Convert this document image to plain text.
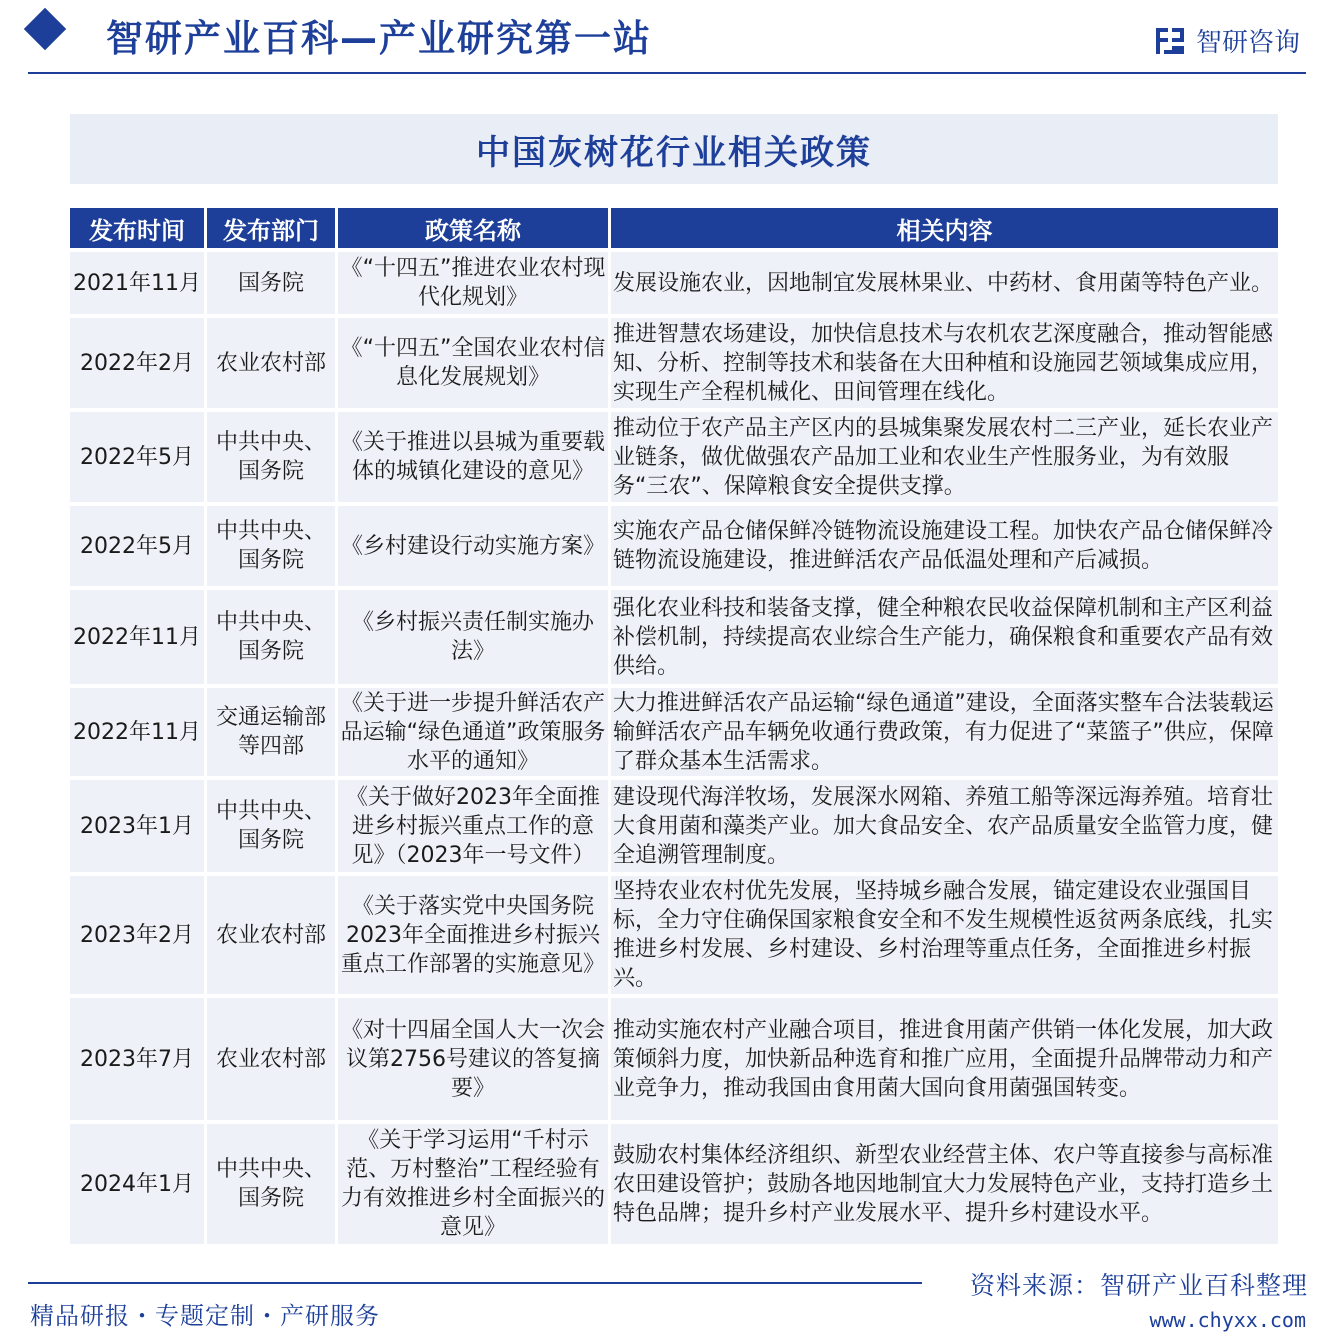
智研产业百科—产业研究第一站	智研咨询
中国灰树花行业相关政策
发布时间	发布部门	政策名称	相关内容
2021年11月	国务院	《“十四五”推进农业农村现代化规划》	发展设施农业，因地制宜发展林果业、中药材、食用菌等特色产业。
2022年2月	农业农村部	《“十四五”全国农业农村信息化发展规划》	推进智慧农场建设，加快信息技术与农机农艺深度融合，推动智能感知、分析、控制等技术和装备在大田种植和设施园艺领域集成应用，实现生产全程机械化、田间管理在线化。
2022年5月	中共中央、国务院	《关于推进以县城为重要载体的城镇化建设的意见》	推动位于农产品主产区内的县城集聚发展农村二三产业，延长农业产业链条，做优做强农产品加工业和农业生产性服务业，为有效服务“三农”、保障粮食安全提供支撑。
2022年5月	中共中央、国务院	《乡村建设行动实施方案》	实施农产品仓储保鲜冷链物流设施建设工程。加快农产品仓储保鲜冷链物流设施建设，推进鲜活农产品低温处理和产后减损。
2022年11月	中共中央、国务院	《乡村振兴责任制实施办法》	强化农业科技和装备支撑，健全种粮农民收益保障机制和主产区利益补偿机制，持续提高农业综合生产能力，确保粮食和重要农产品有效供给。
2022年11月	交通运输部等四部	《关于进一步提升鲜活农产品运输“绿色通道”政策服务水平的通知》	大力推进鲜活农产品运输“绿色通道”建设，全面落实整车合法装载运输鲜活农产品车辆免收通行费政策，有力促进了“菜篮子”供应，保障了群众基本生活需求。
2023年1月	中共中央、国务院	《关于做好2023年全面推进乡村振兴重点工作的意见》（2023年一号文件）	建设现代海洋牧场，发展深水网箱、养殖工船等深远海养殖。培育壮大食用菌和藻类产业。加大食品安全、农产品质量安全监管力度，健全追溯管理制度。
2023年2月	农业农村部	《关于落实党中央国务院2023年全面推进乡村振兴重点工作部署的实施意见》	坚持农业农村优先发展，坚持城乡融合发展，锚定建设农业强国目标，全力守住确保国家粮食安全和不发生规模性返贫两条底线，扎实推进乡村发展、乡村建设、乡村治理等重点任务，全面推进乡村振兴。
2023年7月	农业农村部	《对十四届全国人大一次会议第2756号建议的答复摘要》	推动实施农村产业融合项目，推进食用菌产供销一体化发展，加大政策倾斜力度，加快新品种选育和推广应用，全面提升品牌带动力和产业竞争力，推动我国由食用菌大国向食用菌强国转变。
2024年1月	中共中央、国务院	《关于学习运用“千村示范、万村整治”工程经验有力有效推进乡村全面振兴的意见》	鼓励农村集体经济组织、新型农业经营主体、农户等直接参与高标准农田建设管护；鼓励各地因地制宜大力发展特色产业，支持打造乡土特色品牌；提升乡村产业发展水平、提升乡村建设水平。
资料来源：智研产业百科整理
精品研报・专题定制・产研服务	www.chyxx.com
